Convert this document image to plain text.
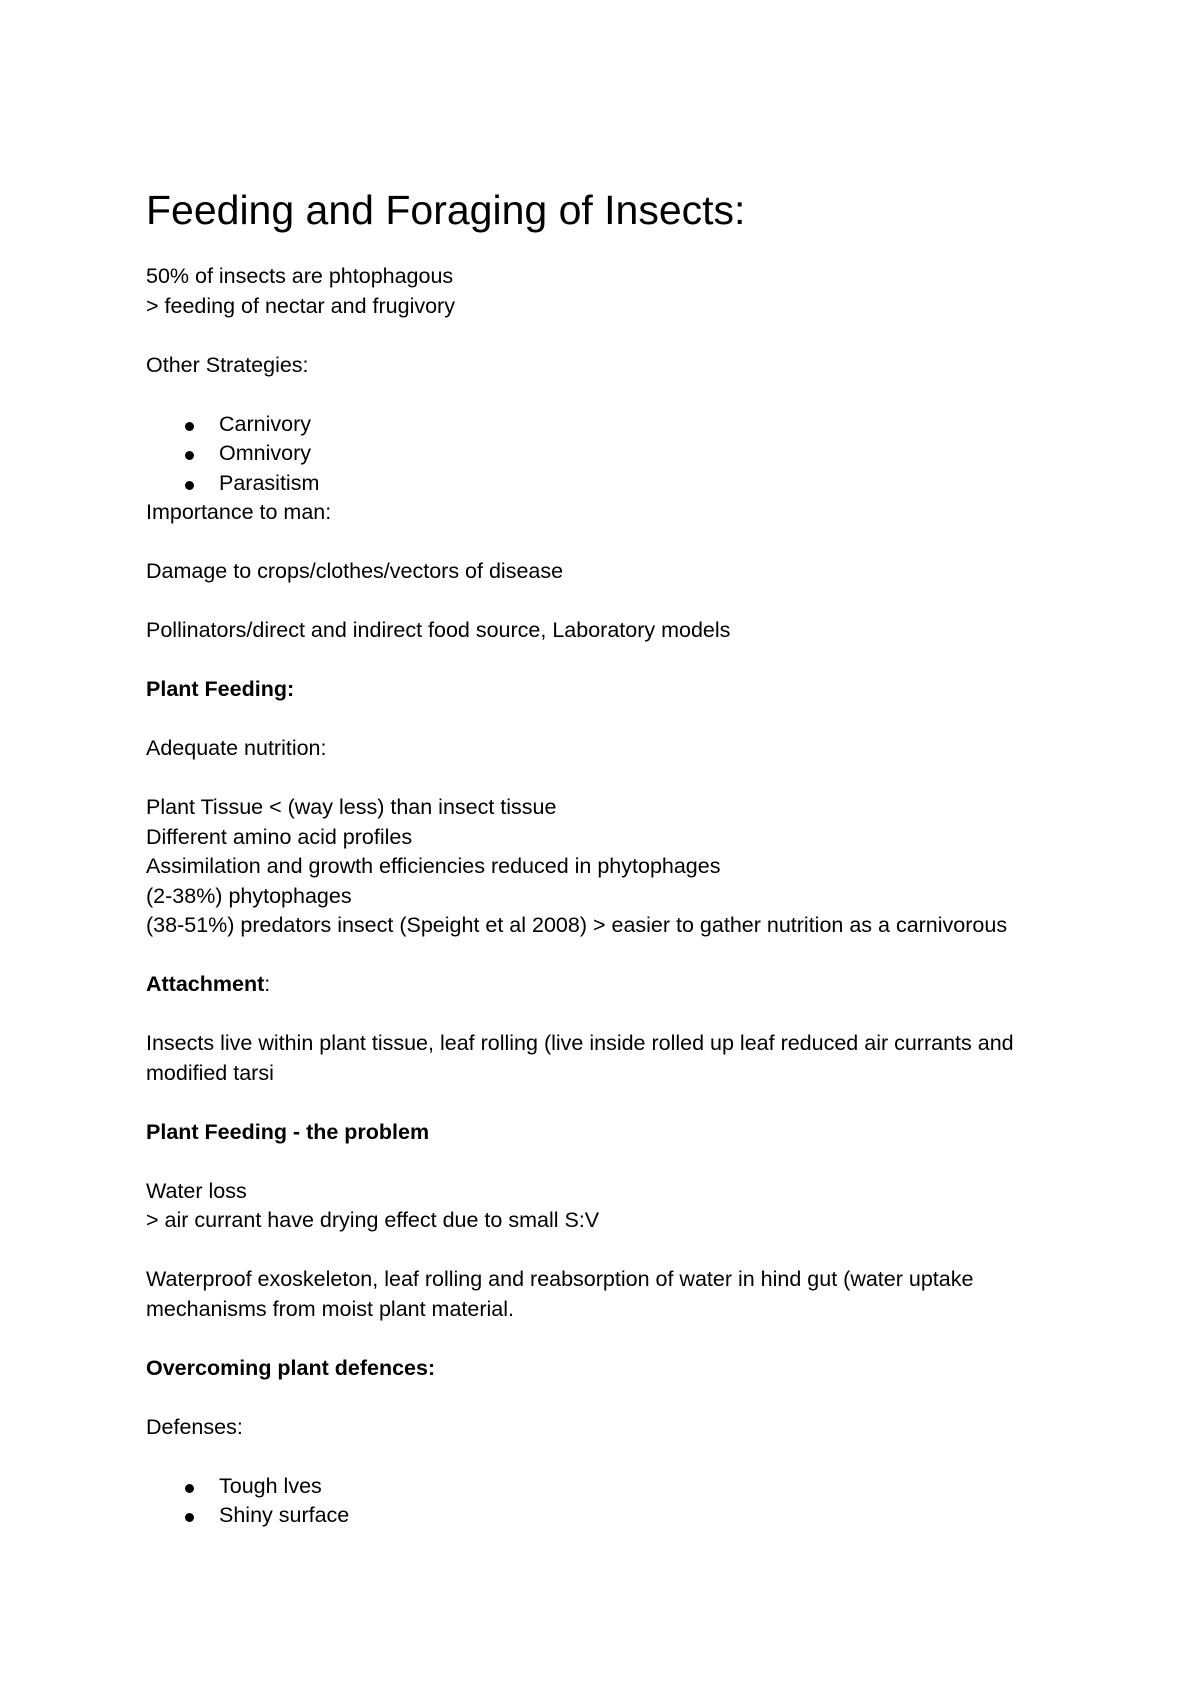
Feeding and Foraging of Insects:

50% of insects are phtophagous

> feeding of nectar and frugivory

Other Strategies:

Carnivory
Omnivory
Parasitism

Importance to man:

Damage to crops/clothes/vectors of disease

Pollinators/direct and indirect food source, Laboratory models

Plant Feeding:

Adequate nutrition:

Plant Tissue < (way less) than insect tissue

Different amino acid profiles

Assimilation and growth efficiencies reduced in phytophages

(2-38%) phytophages

(38-51%) predators insect (Speight et al 2008) > easier to gather nutrition as a carnivorous

Attachment:

Insects live within plant tissue, leaf rolling (live inside rolled up leaf reduced air currants and

modified tarsi

Plant Feeding - the problem

Water loss

> air currant have drying effect due to small S:V

Waterproof exoskeleton, leaf rolling and reabsorption of water in hind gut (water uptake

mechanisms from moist plant material.

Overcoming plant defences:

Defenses:

Tough lves
Shiny surface
